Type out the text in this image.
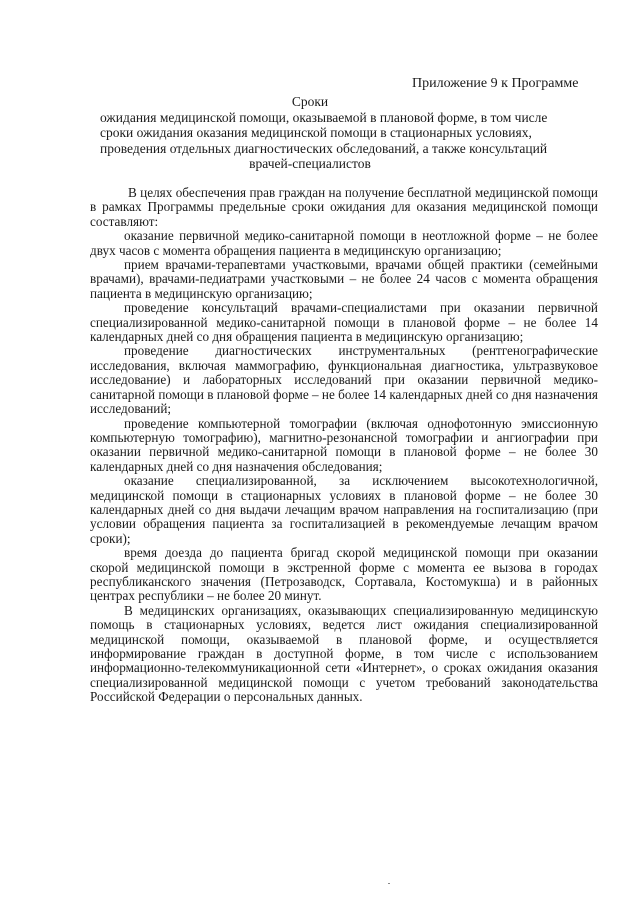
Приложение 9 к Программе
Сроки
ожидания медицинской помощи, оказываемой в плановой форме, в том числе
сроки ожидания оказания медицинской помощи в стационарных условиях,
проведения отдельных диагностических обследований, а также консультаций
врачей-специалистов

В целях обеспечения прав граждан на получение бесплатной медицинской помощи в рамках Программы предельные сроки ожидания для оказания медицинской помощи составляют:

оказание первичной медико-санитарной помощи в неотложной форме – не более двух часов с момента обращения пациента в медицинскую организацию;

прием врачами-терапевтами участковыми, врачами общей практики (семейными врачами), врачами-педиатрами участковыми – не более 24 часов с момента обращения пациента в медицинскую организацию;

проведение консультаций врачами-специалистами при оказании первичной специализированной медико-санитарной помощи в плановой форме – не более 14 календарных дней со дня обращения пациента в медицинскую организацию;

проведение диагностических инструментальных (рентгенографические исследования, включая маммографию, функциональная диагностика, ультразвуковое исследование) и лабораторных исследований при оказании первичной медико-санитарной помощи в плановой форме – не более 14 календарных дней со дня назначения исследований;

проведение компьютерной томографии (включая однофотонную эмиссионную компьютерную томографию), магнитно-резонансной томографии и ангиографии при оказании первичной медико-санитарной помощи в плановой форме – не более 30 календарных дней со дня назначения обследования;

оказание специализированной, за исключением высокотехнологичной, медицинской помощи в стационарных условиях в плановой форме – не более 30 календарных дней со дня выдачи лечащим врачом направления на госпитализацию (при условии обращения пациента за госпитализацией в рекомендуемые лечащим врачом сроки);

время доезда до пациента бригад скорой медицинской помощи при оказании скорой медицинской помощи в экстренной форме с момента ее вызова в городах республиканского значения (Петрозаводск, Сортавала, Костомукша) и в районных центрах республики – не более 20 минут.

В медицинских организациях, оказывающих специализированную медицинскую помощь в стационарных условиях, ведется лист ожидания специализированной медицинской помощи, оказываемой в плановой форме, и осуществляется информирование граждан в доступной форме, в том числе с использованием информационно-телекоммуникационной сети «Интернет», о сроках ожидания оказания специализированной медицинской помощи с учетом требований законодательства Российской Федерации о персональных данных.
